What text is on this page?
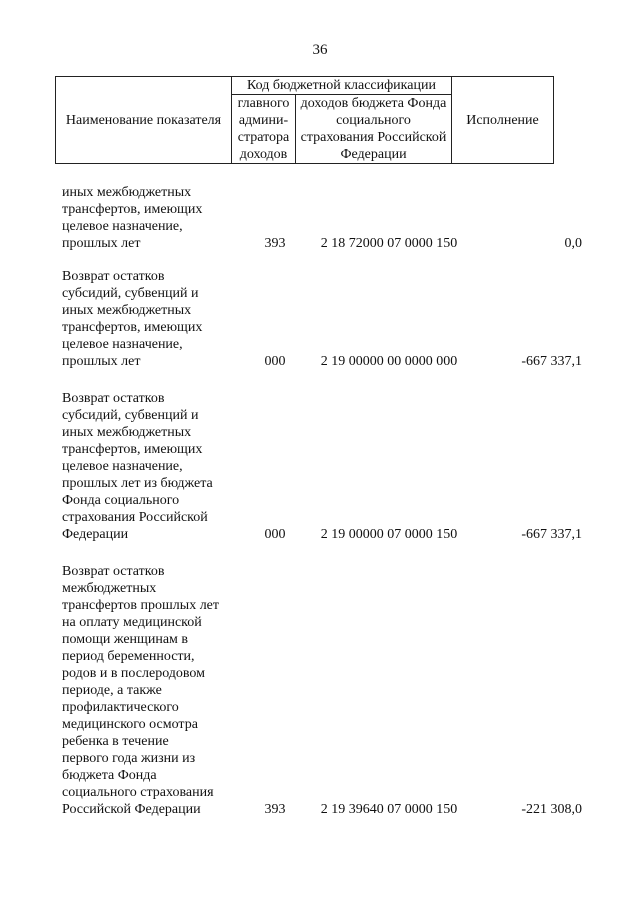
36
Наименование показателя	Код бюджетной классификации		Исполнение
	главного админи-стратора доходов	доходов бюджета Фонда социального страхования Российской Федерации	
иных межбюджетных
трансфертов, имеющих
целевое назначение,
прошлых лет	393	2 18 72000 07 0000 150	0,0
Возврат остатков
субсидий, субвенций и
иных межбюджетных
трансфертов, имеющих
целевое назначение,
прошлых лет	000	2 19 00000 00 0000 000	-667 337,1
Возврат остатков
субсидий, субвенций и
иных межбюджетных
трансфертов, имеющих
целевое назначение,
прошлых лет из бюджета
Фонда социального
страхования Российской
Федерации	000	2 19 00000 07 0000 150	-667 337,1
Возврат остатков
межбюджетных
трансфертов прошлых лет
на оплату медицинской
помощи женщинам в
период беременности,
родов и в послеродовом
периоде, а также
профилактического
медицинского осмотра
ребенка в течение
первого года жизни из
бюджета Фонда
социального страхования
Российской Федерации	393	2 19 39640 07 0000 150	-221 308,0
